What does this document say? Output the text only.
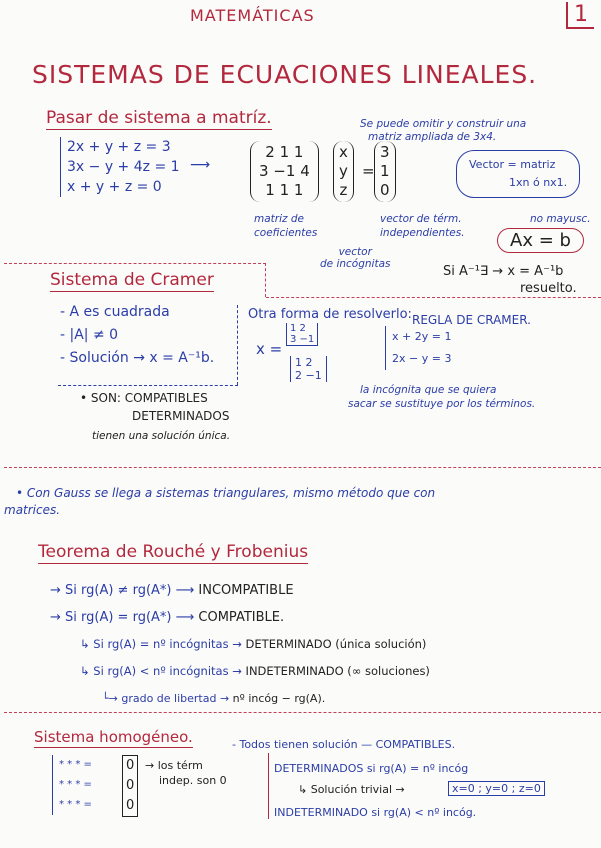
MATEMÁTICAS	1
SISTEMAS DE ECUACIONES LINEALES.
Pasar de sistema a matríz.
2x + y + z = 3
3x − y + 4z = 1
x + y + z = 0
⟶
2 1 1
3 −1 4
1 1 1
x
y
z
=
3
1
0
matriz de
coeficientes
vector
de incógnitas
vector de térm.
independientes.
Se puede omitir y construir una
matriz ampliada de 3x4.
Vector = matriz
1xn ó nx1.
no mayusc.
Ax = b
Si A⁻¹∃ → x = A⁻¹b
resuelto.
Sistema de Cramer
- A es cuadrada
- |A| ≠ 0
- Solución → x = A⁻¹b.
• SON: COMPATIBLES
DETERMINADOS
tienen una solución única.
Otra forma de resolverlo: REGLA DE CRAMER.
x =
1 2
3 −1
1 2
2 −1
x + 2y = 1
2x − y = 3
la incógnita que se quiera
sacar se sustituye por los términos.
• Con Gauss se llega a sistemas triangulares, mismo método que con
matrices.
Teorema de Rouché y Frobenius
→ Si rg(A) ≠ rg(A*) ⟶ INCOMPATIBLE
→ Si rg(A) = rg(A*) ⟶ COMPATIBLE.
↳ Si rg(A) = nº incógnitas → DETERMINADO (única solución)
↳ Si rg(A) < nº incógnitas → INDETERMINADO (∞ soluciones)
└→ grado de libertad → nº incóg − rg(A).
Sistema homogéneo.
* * * =
* * * =
* * * =
0
0
0
→ los térm
indep. son 0
- Todos tienen solución — COMPATIBLES.
DETERMINADOS si rg(A) = nº incóg
↳ Solución trivial →	x=0 ; y=0 ; z=0
INDETERMINADO si rg(A) < nº incóg.
